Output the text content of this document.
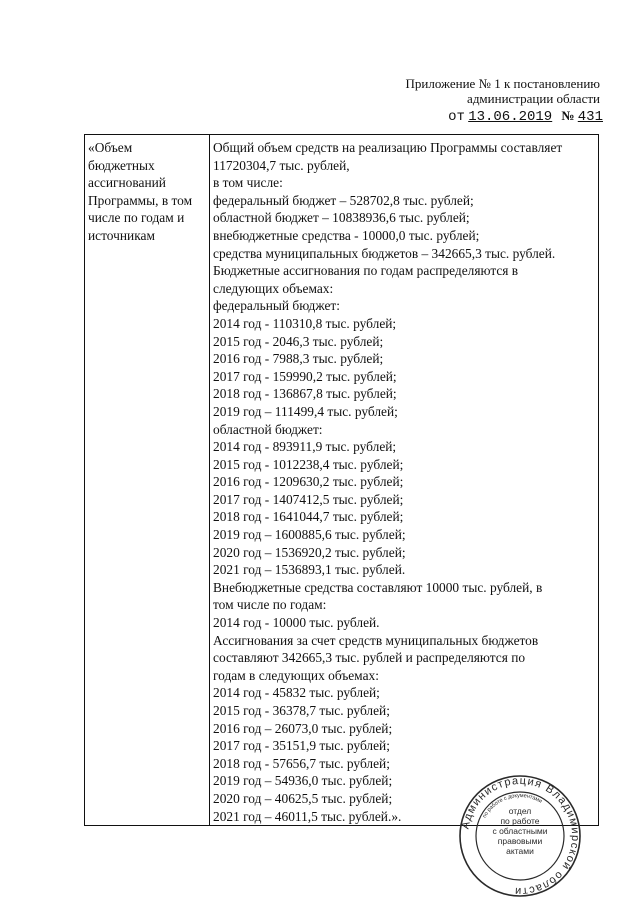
Приложение № 1 к постановлению
администрации области
от 13.06.2019 № 431
«Объем
бюджетных
ассигнований
Программы, в том
числе по годам и
источникам
Общий объем средств на реализацию Программы составляет
11720304,7 тыс. рублей,
в том числе:
федеральный бюджет – 528702,8 тыс. рублей;
областной бюджет – 10838936,6 тыс. рублей;
внебюджетные средства - 10000,0 тыс. рублей;
средства муниципальных бюджетов – 342665,3 тыс. рублей.
Бюджетные ассигнования по годам распределяются в
следующих объемах:
федеральный бюджет:
2014 год - 110310,8 тыс. рублей;
2015 год - 2046,3 тыс. рублей;
2016 год - 7988,3 тыс. рублей;
2017 год - 159990,2 тыс. рублей;
2018 год - 136867,8 тыс. рублей;
2019 год – 111499,4 тыс. рублей;
областной бюджет:
2014 год - 893911,9 тыс. рублей;
2015 год - 1012238,4 тыс. рублей;
2016 год - 1209630,2 тыс. рублей;
2017 год - 1407412,5 тыс. рублей;
2018 год - 1641044,7 тыс. рублей;
2019 год – 1600885,6 тыс. рублей;
2020 год – 1536920,2 тыс. рублей;
2021 год – 1536893,1 тыс. рублей.
Внебюджетные средства составляют 10000 тыс. рублей, в
том числе по годам:
2014 год - 10000 тыс. рублей.
Ассигнования за счет средств муниципальных бюджетов
составляют 342665,3 тыс. рублей и распределяются по
годам в следующих объемах:
2014 год - 45832 тыс. рублей;
2015 год - 36378,7 тыс. рублей;
2016 год – 26073,0 тыс. рублей;
2017 год - 35151,9 тыс. рублей;
2018 год - 57656,7 тыс. рублей;
2019 год – 54936,0 тыс. рублей;
2020 год – 40625,5 тыс. рублей;
2021 год – 46011,5 тыс. рублей.».
Администрация Владимирской области
по работе с документами
отдел
по работе
с областными
правовыми
актами
